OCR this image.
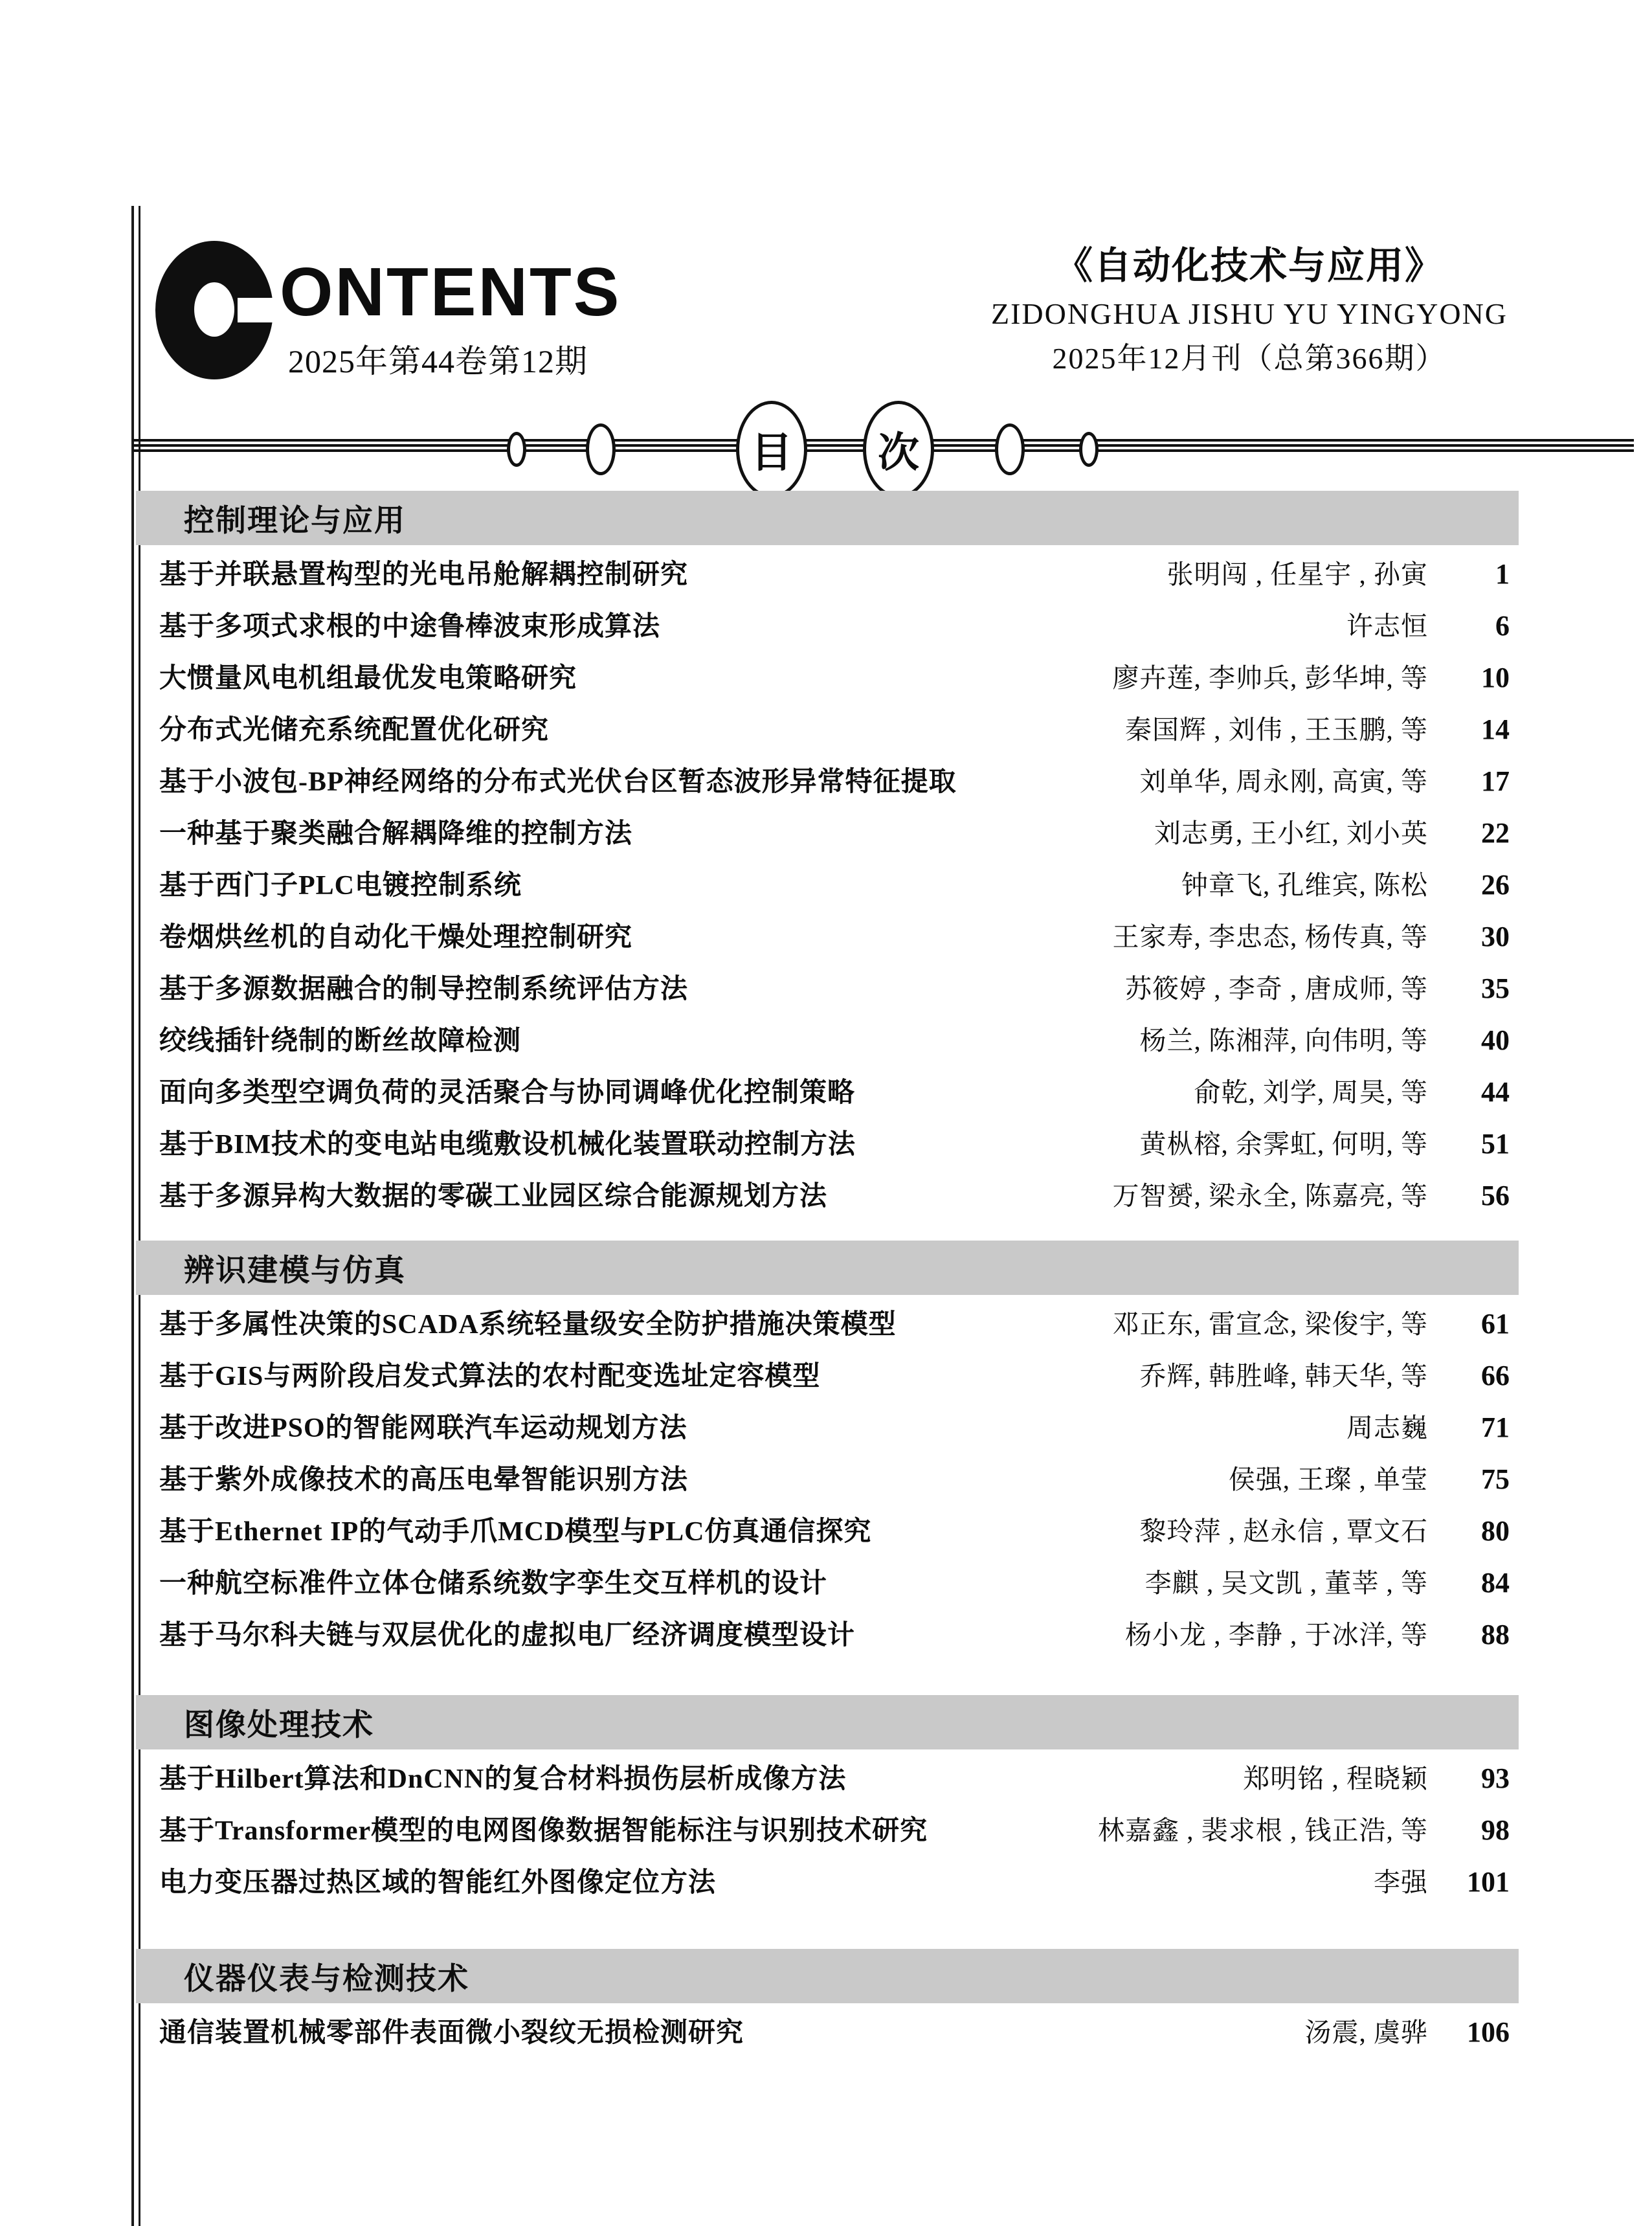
ONTENTS
2025年第44卷第12期
《自动化技术与应用》
ZIDONGHUA JISHU YU YINGYONG
2025年12月刊（总第366期）
目 次
控制理论与应用
基于并联悬置构型的光电吊舱解耦控制研究	张明闯 , 任星宇 , 孙寅	1
基于多项式求根的中途鲁棒波束形成算法	许志恒	6
大惯量风电机组最优发电策略研究	廖卉莲, 李帅兵, 彭华坤, 等	10
分布式光储充系统配置优化研究	秦国辉 , 刘伟 , 王玉鹏, 等	14
基于小波包-BP神经网络的分布式光伏台区暂态波形异常特征提取	刘单华, 周永刚, 高寅, 等	17
一种基于聚类融合解耦降维的控制方法	刘志勇, 王小红, 刘小英	22
基于西门子PLC电镀控制系统	钟章飞, 孔维宾, 陈松	26
卷烟烘丝机的自动化干燥处理控制研究	王家寿, 李忠态, 杨传真, 等	30
基于多源数据融合的制导控制系统评估方法	苏筱婷 , 李奇 , 唐成师, 等	35
绞线插针绕制的断丝故障检测	杨兰, 陈湘萍, 向伟明, 等	40
面向多类型空调负荷的灵活聚合与协同调峰优化控制策略	俞乾, 刘学, 周昊, 等	44
基于BIM技术的变电站电缆敷设机械化装置联动控制方法	黄枞榕, 余霁虹, 何明, 等	51
基于多源异构大数据的零碳工业园区综合能源规划方法	万智赟, 梁永全, 陈嘉亮, 等	56
辨识建模与仿真
基于多属性决策的SCADA系统轻量级安全防护措施决策模型	邓正东, 雷宣念, 梁俊宇, 等	61
基于GIS与两阶段启发式算法的农村配变选址定容模型	乔辉, 韩胜峰, 韩天华, 等	66
基于改进PSO的智能网联汽车运动规划方法	周志巍	71
基于紫外成像技术的高压电晕智能识别方法	侯强, 王璨 , 单莹	75
基于Ethernet IP的气动手爪MCD模型与PLC仿真通信探究	黎玲萍 , 赵永信 , 覃文石	80
一种航空标准件立体仓储系统数字孪生交互样机的设计	李麒 , 吴文凯 , 董莘 , 等	84
基于马尔科夫链与双层优化的虚拟电厂经济调度模型设计	杨小龙 , 李静 , 于冰洋, 等	88
图像处理技术
基于Hilbert算法和DnCNN的复合材料损伤层析成像方法	郑明铭 , 程晓颖	93
基于Transformer模型的电网图像数据智能标注与识别技术研究	林嘉鑫 , 裴求根 , 钱正浩, 等	98
电力变压器过热区域的智能红外图像定位方法	李强	101
仪器仪表与检测技术
通信装置机械零部件表面微小裂纹无损检测研究	汤震, 虞骅	106
